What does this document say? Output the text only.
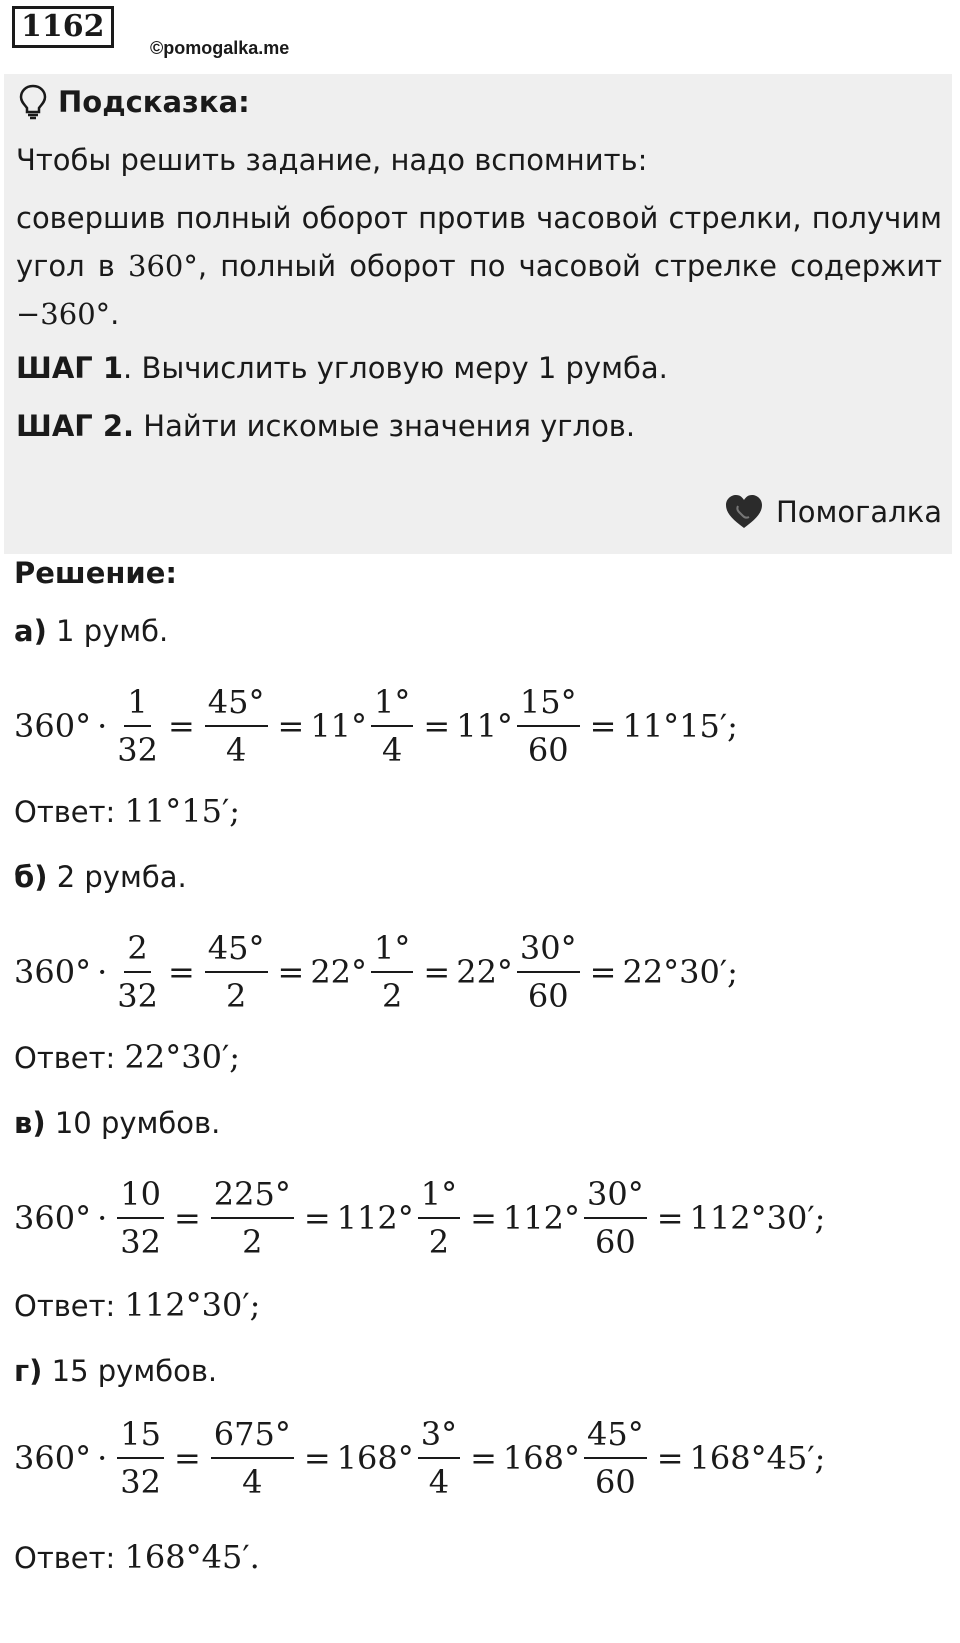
1162
©pomogalka.me
Подсказка:
Чтобы решить задание, надо вспомнить:
совершив полный оборот против часовой стрелки, получим угол в 360°, полный оборот по часовой стрелке содержит −360°.
ШАГ 1. Вычислить угловую меру 1 румба.
ШАГ 2. Найти искомые значения углов.
Помогалка
Решение:
а) 1 румб.
$360^\circ \cdot \frac{1}{32} = \frac{45^\circ}{4} = 11^\circ \frac{1^\circ}{4} = 11^\circ \frac{15^\circ}{60} = 11^\circ 15'$;
Ответ: 11°15′;
б) 2 румба.
$360^\circ \cdot \frac{2}{32} = \frac{45^\circ}{2} = 22^\circ \frac{1^\circ}{2} = 22^\circ \frac{30^\circ}{60} = 22^\circ 30'$;
Ответ: 22°30′;
в) 10 румбов.
$360^\circ \cdot \frac{10}{32} = \frac{225^\circ}{2} = 112^\circ \frac{1^\circ}{2} = 112^\circ \frac{30^\circ}{60} = 112^\circ 30'$;
Ответ: 112°30′;
г) 15 румбов.
$360^\circ \cdot \frac{15}{32} = \frac{675^\circ}{4} = 168^\circ \frac{3^\circ}{4} = 168^\circ \frac{45^\circ}{60} = 168^\circ 45'$;
Ответ: 168°45′.
